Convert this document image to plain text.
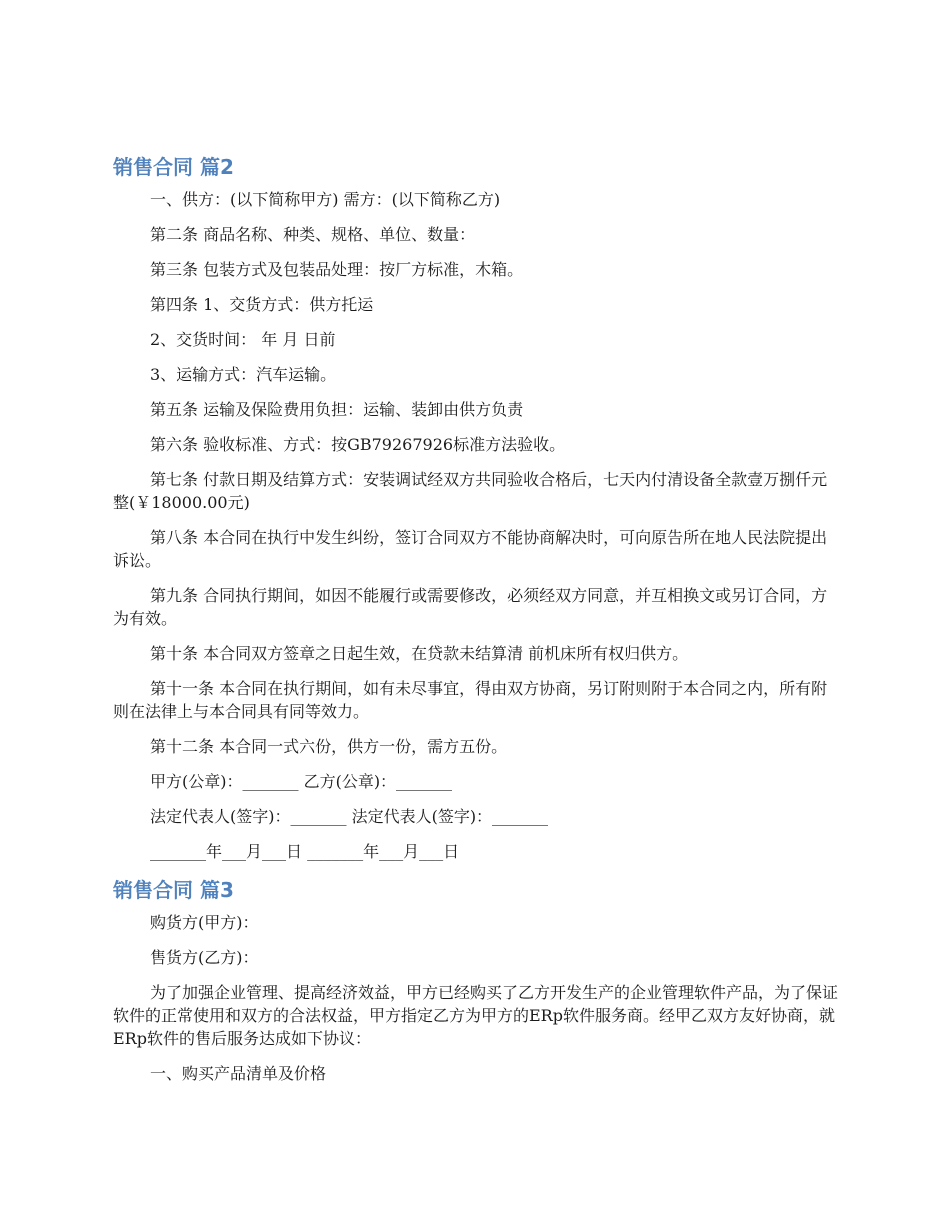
销售合同 篇2

一、供方：(以下简称甲方) 需方：(以下简称乙方)

第二条 商品名称、种类、规格、单位、数量：

第三条 包装方式及包装品处理：按厂方标准，木箱。

第四条 1、交货方式：供方托运

2、交货时间： 年 月 日前

3、运输方式：汽车运输。

第五条 运输及保险费用负担：运输、装卸由供方负责

第六条 验收标准、方式：按GB79267926标准方法验收。

第七条 付款日期及结算方式：安装调试经双方共同验收合格后，七天内付清设备全款壹万捌仟元整(￥18000.00元)

第八条 本合同在执行中发生纠纷，签订合同双方不能协商解决时，可向原告所在地人民法院提出诉讼。

第九条 合同执行期间，如因不能履行或需要修改，必须经双方同意，并互相换文或另订合同，方为有效。

第十条 本合同双方签章之日起生效，在贷款未结算清 前机床所有权归供方。

第十一条 本合同在执行期间，如有未尽事宜，得由双方协商，另订附则附于本合同之内，所有附则在法律上与本合同具有同等效力。

第十二条 本合同一式六份，供方一份，需方五份。

甲方(公章)：_______ 乙方(公章)：_______

法定代表人(签字)：_______ 法定代表人(签字)：_______

_______年___月___日 _______年___月___日

销售合同 篇3

购货方(甲方)：

售货方(乙方)：

为了加强企业管理、提高经济效益，甲方已经购买了乙方开发生产的企业管理软件产品，为了保证软件的正常使用和双方的合法权益，甲方指定乙方为甲方的ERp软件服务商。经甲乙双方友好协商，就ERp软件的售后服务达成如下协议：

一、购买产品清单及价格
